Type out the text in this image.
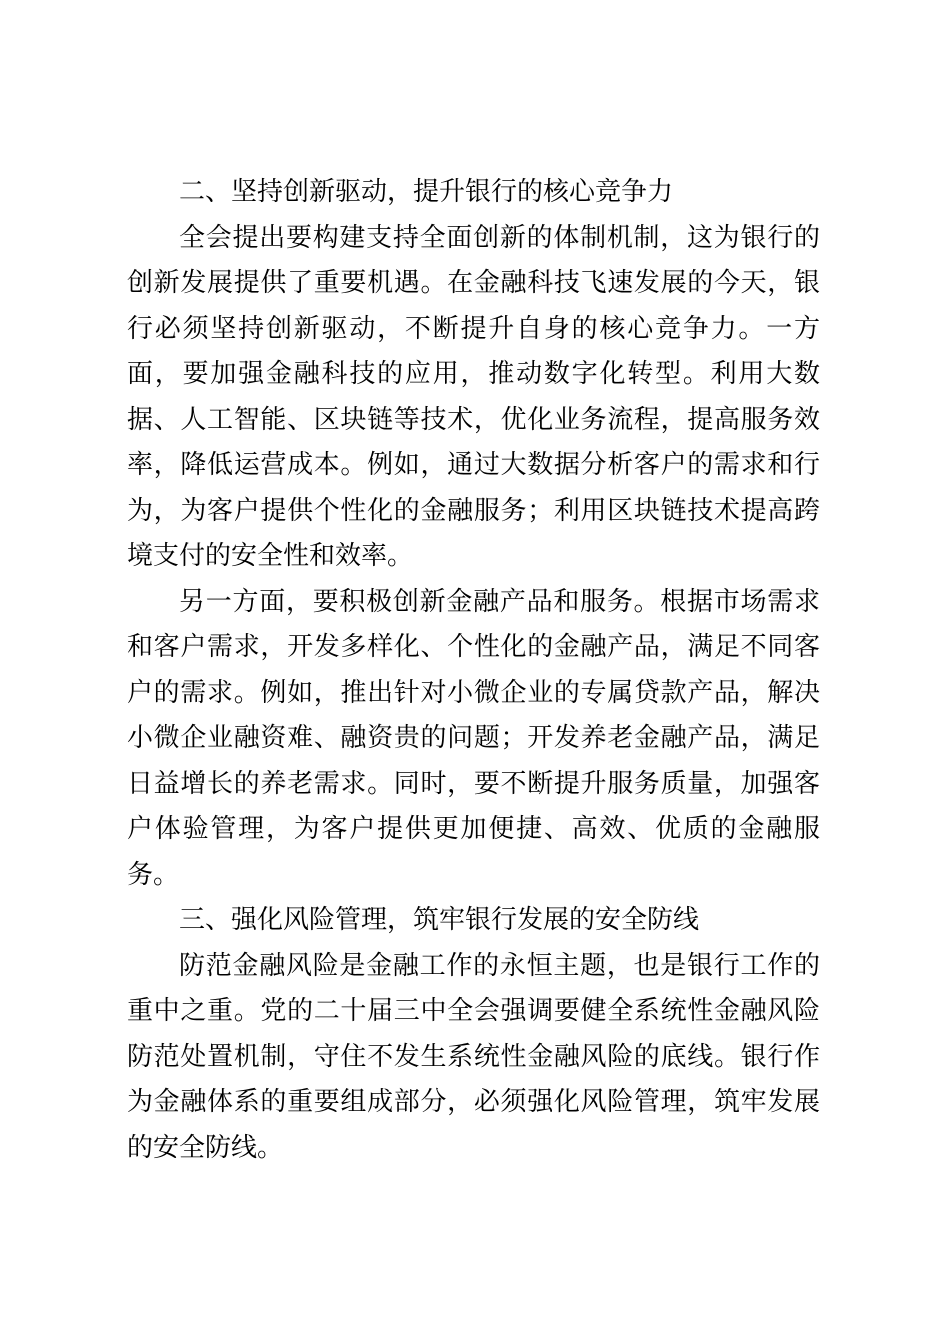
二、坚持创新驱动，提升银行的核心竞争力

全会提出要构建支持全面创新的体制机制，这为银行的创新发展提供了重要机遇。在金融科技飞速发展的今天，银行必须坚持创新驱动，不断提升自身的核心竞争力。一方面，要加强金融科技的应用，推动数字化转型。利用大数据、人工智能、区块链等技术，优化业务流程，提高服务效率，降低运营成本。例如，通过大数据分析客户的需求和行为，为客户提供个性化的金融服务；利用区块链技术提高跨境支付的安全性和效率。

另一方面，要积极创新金融产品和服务。根据市场需求和客户需求，开发多样化、个性化的金融产品，满足不同客户的需求。例如，推出针对小微企业的专属贷款产品，解决小微企业融资难、融资贵的问题；开发养老金融产品，满足日益增长的养老需求。同时，要不断提升服务质量，加强客户体验管理，为客户提供更加便捷、高效、优质的金融服务。

三、强化风险管理，筑牢银行发展的安全防线

防范金融风险是金融工作的永恒主题，也是银行工作的重中之重。党的二十届三中全会强调要健全系统性金融风险防范处置机制，守住不发生系统性金融风险的底线。银行作为金融体系的重要组成部分，必须强化风险管理，筑牢发展的安全防线。
